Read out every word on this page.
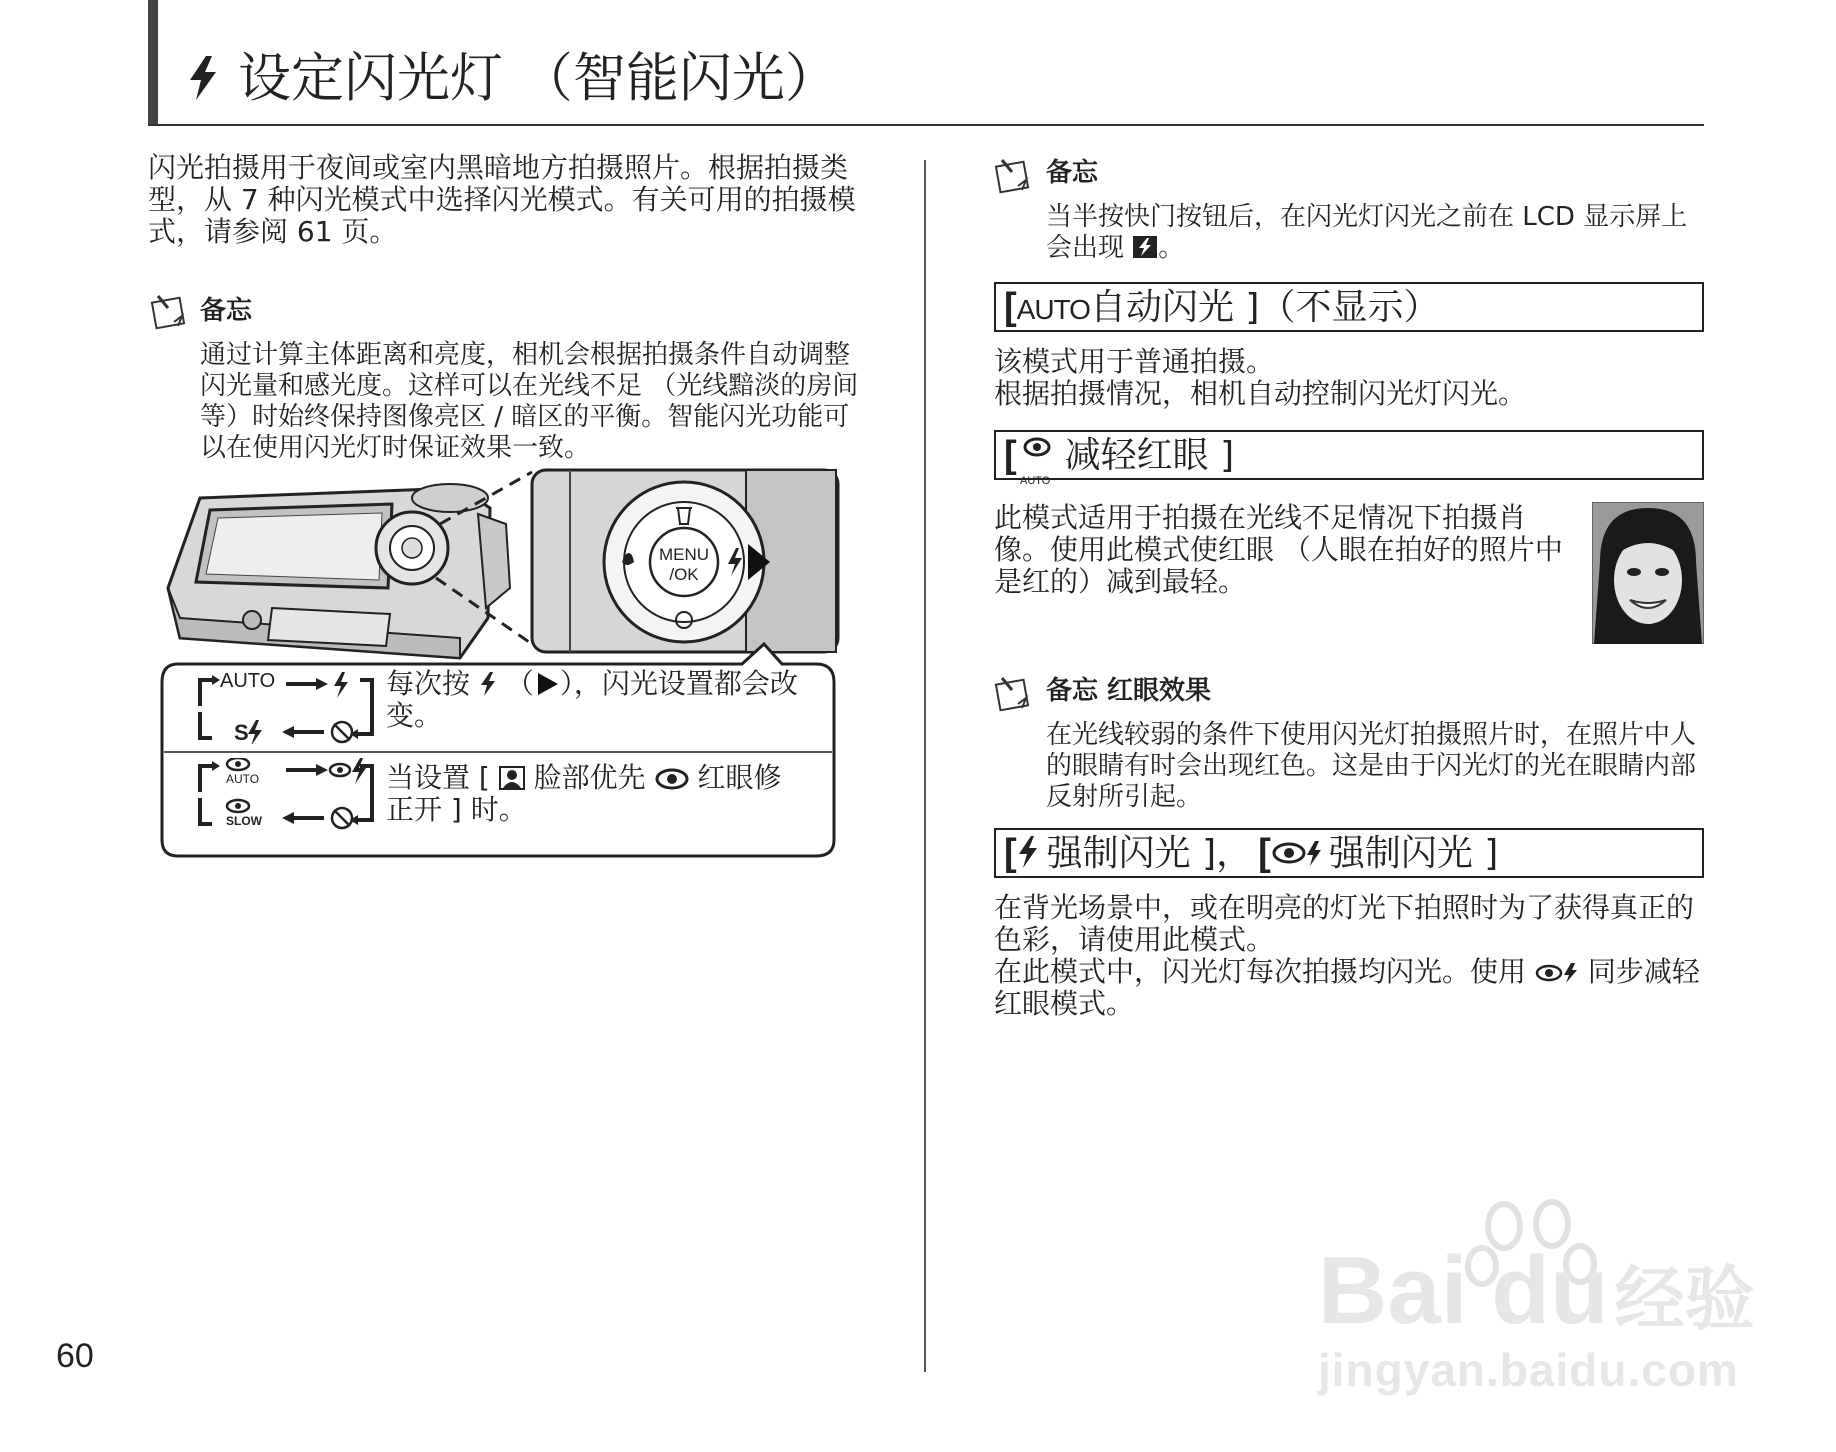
设定闪光灯 （智能闪光）

闪光拍摄用于夜间或室内黑暗地方拍摄照片。根据拍摄类型，从 7 种闪光模式中选择闪光模式。有关可用的拍摄模式，请参阅 61 页。

备忘

通过计算主体距离和亮度，相机会根据拍摄条件自动调整闪光量和感光度。这样可以在光线不足 （光线黯淡的房间等）时始终保持图像亮区 / 暗区的平衡。智能闪光功能可以在使用闪光灯时保证效果一致。

MENU
/OK
S
AUTO	每次按 （ ），闪光设置都会改变。
AUTO
SLOW
当设置 [ 脸部优先 红眼修正开 ] 时。
备忘
当半按快门按钮后，在闪光灯闪光之前在 LCD 显示屏上会出现 。
[AUTO自动闪光 ]（不显示）

该模式用于普通拍摄。

根据拍摄情况，相机自动控制闪光灯闪光。

[
AUTO
减轻红眼 ]

此模式适用于拍摄在光线不足情况下拍摄肖像。使用此模式使红眼 （人眼在拍好的照片中是红的）减到最轻。

备忘 红眼效果

在光线较弱的条件下使用闪光灯拍摄照片时，在照片中人的眼睛有时会出现红色。这是由于闪光灯的光在眼睛内部反射所引起。

[ 强制闪光 ]， [ 强制闪光 ]

在背光场景中，或在明亮的灯光下拍照时为了获得真正的色彩，请使用此模式。

在此模式中，闪光灯每次拍摄均闪光。使用 同步减轻红眼模式。

60
Bai du经验
jingyan.baidu.com
